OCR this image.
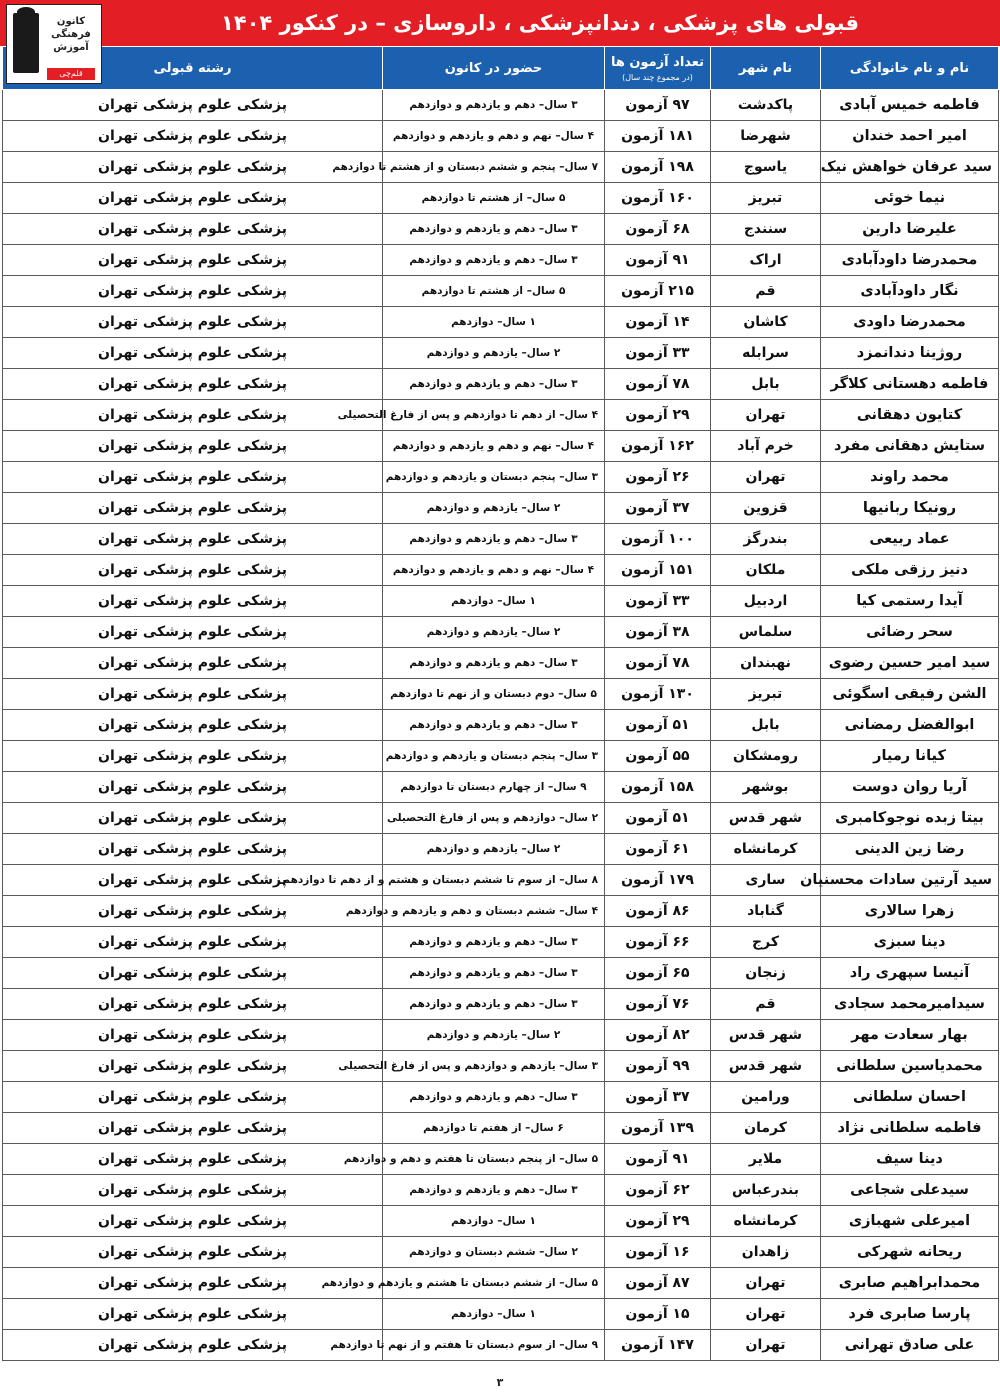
قبولی های پزشکی ، دندانپزشکی ، داروسازی – در کنکور ۱۴۰۴
کانون
فرهنگی
آموزش
قلم‌چی	نام و نام خانوادگی	نام شهر	تعداد آزمون ها
(در مجموع چند سال)	حضور در کانون	رشته قبولی
فاطمه خمیس آبادی	پاکدشت	۹۷ آزمون	۳ سال– دهم و یازدهم و دوازدهم	پزشکی علوم پزشکی تهران
امیر احمد خندان	شهرضا	۱۸۱ آزمون	۴ سال– نهم و دهم و یازدهم و دوازدهم	پزشکی علوم پزشکی تهران
سید عرفان خواهش نیک	یاسوج	۱۹۸ آزمون	۷ سال– پنجم و ششم دبستان و از هشتم تا دوازدهم	پزشکی علوم پزشکی تهران
نیما خوئی	تبریز	۱۶۰ آزمون	۵ سال– از هشتم تا دوازدهم	پزشکی علوم پزشکی تهران
علیرضا دارین	سنندج	۶۸ آزمون	۳ سال– دهم و یازدهم و دوازدهم	پزشکی علوم پزشکی تهران
محمدرضا داودآبادی	اراک	۹۱ آزمون	۳ سال– دهم و یازدهم و دوازدهم	پزشکی علوم پزشکی تهران
نگار داودآبادی	قم	۲۱۵ آزمون	۵ سال– از هشتم تا دوازدهم	پزشکی علوم پزشکی تهران
محمدرضا داودی	کاشان	۱۴ آزمون	۱ سال– دوازدهم	پزشکی علوم پزشکی تهران
روژینا دندانمزد	سرابله	۳۳ آزمون	۲ سال– یازدهم و دوازدهم	پزشکی علوم پزشکی تهران
فاطمه دهستانی کلاگر	بابل	۷۸ آزمون	۳ سال– دهم و یازدهم و دوازدهم	پزشکی علوم پزشکی تهران
کتایون دهقانی	تهران	۲۹ آزمون	۴ سال– از دهم تا دوازدهم و پس از فارغ التحصیلی	پزشکی علوم پزشکی تهران
ستایش دهقانی مفرد	خرم آباد	۱۶۲ آزمون	۴ سال– نهم و دهم و یازدهم و دوازدهم	پزشکی علوم پزشکی تهران
محمد راوند	تهران	۲۶ آزمون	۳ سال– پنجم دبستان و یازدهم و دوازدهم	پزشکی علوم پزشکی تهران
رونیکا ربانیها	قزوین	۳۷ آزمون	۲ سال– یازدهم و دوازدهم	پزشکی علوم پزشکی تهران
عماد ربیعی	بندرگز	۱۰۰ آزمون	۳ سال– دهم و یازدهم و دوازدهم	پزشکی علوم پزشکی تهران
دنیز رزقی ملکی	ملکان	۱۵۱ آزمون	۴ سال– نهم و دهم و یازدهم و دوازدهم	پزشکی علوم پزشکی تهران
آیدا رستمی کیا	اردبیل	۳۳ آزمون	۱ سال– دوازدهم	پزشکی علوم پزشکی تهران
سحر رضائی	سلماس	۳۸ آزمون	۲ سال– یازدهم و دوازدهم	پزشکی علوم پزشکی تهران
سید امیر حسین رضوی	نهبندان	۷۸ آزمون	۳ سال– دهم و یازدهم و دوازدهم	پزشکی علوم پزشکی تهران
الشن رفیقی اسگوئی	تبریز	۱۳۰ آزمون	۵ سال– دوم دبستان و از نهم تا دوازدهم	پزشکی علوم پزشکی تهران
ابوالفضل رمضانی	بابل	۵۱ آزمون	۳ سال– دهم و یازدهم و دوازدهم	پزشکی علوم پزشکی تهران
کیانا رمیار	رومشکان	۵۵ آزمون	۳ سال– پنجم دبستان و یازدهم و دوازدهم	پزشکی علوم پزشکی تهران
آریا روان دوست	بوشهر	۱۵۸ آزمون	۹ سال– از چهارم دبستان تا دوازدهم	پزشکی علوم پزشکی تهران
بیتا زبده نوجوکامبری	شهر قدس	۵۱ آزمون	۲ سال– دوازدهم و پس از فارغ التحصیلی	پزشکی علوم پزشکی تهران
رضا زین الدینی	کرمانشاه	۶۱ آزمون	۲ سال– یازدهم و دوازدهم	پزشکی علوم پزشکی تهران
سید آرتین سادات محسنیان	ساری	۱۷۹ آزمون	۸ سال– از سوم تا ششم دبستان و هشتم و از دهم تا دوازدهم	پزشکی علوم پزشکی تهران
زهرا سالاری	گناباد	۸۶ آزمون	۴ سال– ششم دبستان و دهم و یازدهم و دوازدهم	پزشکی علوم پزشکی تهران
دینا سبزی	کرج	۶۶ آزمون	۳ سال– دهم و یازدهم و دوازدهم	پزشکی علوم پزشکی تهران
آنیسا سپهری راد	زنجان	۶۵ آزمون	۳ سال– دهم و یازدهم و دوازدهم	پزشکی علوم پزشکی تهران
سیدامیرمحمد سجادی	قم	۷۶ آزمون	۳ سال– دهم و یازدهم و دوازدهم	پزشکی علوم پزشکی تهران
بهار سعادت مهر	شهر قدس	۸۲ آزمون	۲ سال– یازدهم و دوازدهم	پزشکی علوم پزشکی تهران
محمدیاسین سلطانی	شهر قدس	۹۹ آزمون	۳ سال– یازدهم و دوازدهم و پس از فارغ التحصیلی	پزشکی علوم پزشکی تهران
احسان سلطانی	ورامین	۳۷ آزمون	۳ سال– دهم و یازدهم و دوازدهم	پزشکی علوم پزشکی تهران
فاطمه سلطانی نژاد	کرمان	۱۳۹ آزمون	۶ سال– از هفتم تا دوازدهم	پزشکی علوم پزشکی تهران
دینا سیف	ملایر	۹۱ آزمون	۵ سال– از پنجم دبستان تا هفتم و دهم و دوازدهم	پزشکی علوم پزشکی تهران
سیدعلی شجاعی	بندرعباس	۶۲ آزمون	۳ سال– دهم و یازدهم و دوازدهم	پزشکی علوم پزشکی تهران
امیرعلی شهبازی	کرمانشاه	۲۹ آزمون	۱ سال– دوازدهم	پزشکی علوم پزشکی تهران
ریحانه شهرکی	زاهدان	۱۶ آزمون	۲ سال– ششم دبستان و دوازدهم	پزشکی علوم پزشکی تهران
محمدابراهیم صابری	تهران	۸۷ آزمون	۵ سال– از ششم دبستان تا هشتم و یازدهم و دوازدهم	پزشکی علوم پزشکی تهران
پارسا صابری فرد	تهران	۱۵ آزمون	۱ سال– دوازدهم	پزشکی علوم پزشکی تهران
علی صادق تهرانی	تهران	۱۴۷ آزمون	۹ سال– از سوم دبستان تا هفتم و از نهم تا دوازدهم	پزشکی علوم پزشکی تهران
۳
